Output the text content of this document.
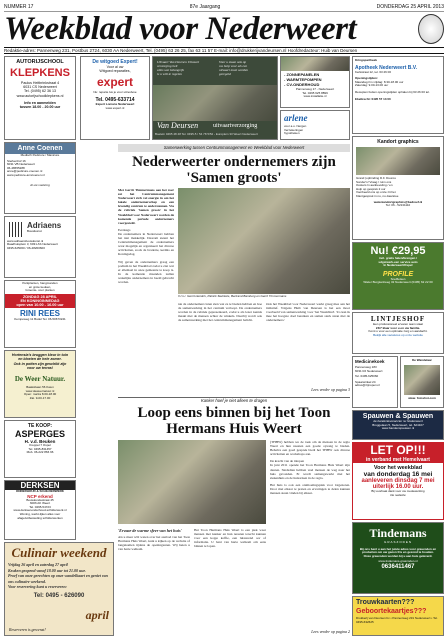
NUMMER 17	87e Jaargang	DONDERDAG 25 APRIL 2013
Weekblad voor Nederweert
Redaktie-adres: Pannenweg 231, Postbus 2724, 6030 AA Nederweert, Tel. (0495) 63 26 25, fax 63 11 57 E-mail: info@drukkerijvandeursen.nl Hoofdredacteur: Huib van Deursen
AUTORIJSCHOOL
KLEPKENS
Paulus Heitbrinkstraat 4
6031 CS Nederweert
Tel. (0495) 62 36 13
www.autorijschoolklepkens.nl
Info en aanmelden
tussen 18.00 - 20.00 uur
Anne Coenen
Medisch Pedicure / Manicure
Sterkenhof 16
6031 VB Nederweert
06-48655288
anne@pedicure-coenen.nl
www.pedicure-anncoenen.nl
Al uw voetzorg
Adriaens
Bouwkunst
www.adriaensbouwkunst.nl
Raadhuisplein 3, 6031 AS Nederweert
0495-625060 / 06-48200600
Perkplanten, hangmanden
en grote keuken,
Groente- voor planten
ZONDAG 28 APRIL
EN KONINGINNEDAG
open van 10.00 - 16.00 uur
RINI REES
Kempeweg 11 Budel Tel. 06-50673241
Hortensia's bruggen kleur in tuin
en bloeien de hele zomer.
Ook in potten zijn geschikt zijn
voor uw terras!
De Weer Natuur.
Baaksbaan 56 Kwen
www.deweernatuur.nl
Open: ma/za 8.00-18.00
Zat. 9-00-17.00
TE KOOP:
ASPERGES
H. v.d. Beuken
Kreppel 7 Ospel
Tel. 0495-831457
Mob. 06-222 866 96
DERKSEN
ONDERHOUD & SCHILDERWERK
NCP erkend
Bouwkundestraat 45
6006 AK Weert
Tel. 0495-54723
www.derksenonderhoud-schilderwerk.nl
Woning, werkt-lijken alles voor
afage/uitbesteding schilderwerken
Culinair weekend
Vrijdag 26 april en zaterdag 27 april
Keuken geopend vanaf 18.00 uur tot 21.00 uur.
Proef van onze gerechten op onze wandelkaart en geniet van ons culinaire weekend.
Voor reservering kunt u reserveren:
Tel: 0495 - 626090
april
Reserveren is gewenst!
De witgoed Expert!
Voor al uw
Witgoed reparaties,
expert
Nu: reparie lus je voor uitnodvoe
Tel. 0495-633714
Expert Lomans Nederweert
www.expert.nl
Uitvaart Van Deursen Uitvaart
verzorging helt
alles wat belangrijk
is u wilt te regelen
Voor u staan ook op
uw hulp voor als een
uitvaart moet worden
geregeld
Van Deursen uitvaartverzorging
Boeleln 0495 48 48 Tel. 0495-5 / 54 78 5/52 - Europlein 33 Weert Nederweert
- ZONNEPANELEN
- WARMTEPOMPEN
- CV-ONDERHOUD
Pannenweg 17 - Nederweert
Tel. 0495 625 8899
www.installatie.nl
arlene
voor a.u. Nergen
Verzekeringen
hypotheken
Kringspartheek
Apotheek Nederweert B.V.
Kerkstraat 12, tel. 63 26 00
Openingstijden:
Maandag t/m vrijdag: 8.30-18.00 uur
Zaterdag: 9.00-13.00 uur
Recepten buiten openingstijden ophalen bij 63 26 00 tel.
Ebeltrecht: 0495 57 13 00
Kandort graphics
Grand (opbinding D.F. Duuros
Sonder's! Vraag / ruim ons
Oosters ln aanbeveling / en
Hulp op gesprek 2 uur
Voorbeeld ons op onze zit het
Klantgesprek in nu, nu daarstoe
www.kandortgraphics@bedreef.nl
Tel: 06 - 52131110
Samenwerking tussen Centrummanagement en Weekblad voor Nederweert
Nederweerter ondernemers zijn 'Samen groots'
Met Gerrit Timmermans aan het roer zet het Centrummanagement Nederweert zich vol energie in om het lokale ondernemerschap en een levendig centrum te ondersteunen. Via de rubriek 'Samen groots' in het Weekblad voor Nederweert worden de komende periode ondernemers voorgesteld.
Eerdaags
De ondernemers in Nederweert hebben het niet makkelijk. Daarom steunt het Centrummanagement de ondernemers waar mogelijk en organiseert het diverse activiteiten, zoals de braderie, kermis en Koningsdag.
Wij geven de ondernemers graag een podium in het Weekblad zodat u ziet wat er allemaal in onze gemeente te koop is. In de komende maanden zullen wekelijks ondernemers in beeld gebracht worden.
V.l.n.r. Gerrit Hendrix, Patrick Swinkels, Bertrand Bamberg en Gerrit Timmermans
nie de ondernemers laten zien wat ze te bieden hebben en hoe de samenwerking in het centrum verloopt. De ondernemers worden in de rubriek gepresenteerd, zodat u als lezer kennis maakt met de mensen achter de winkels. Daarbij wordt ook de samenwerking met het centrummanagement belicht.
Ook het Weekblad voor Nederweert werkt graag mee aan het initiatief. Volgens Huib van Deursen is het een mooi voorbeeld van samenwerking voor 'het Weekblad'. 'Zo kan ik mee het hoogste doel bereiken en samen sterk staan met de ondernemers.'
Lees verder op pagina 3
Kanker hoef je niet alleen te dragen
Loop eens binnen bij het Toon Hermans Huis Weert
'Ervaar de warme sfeer van het huis'
Als u meer wilt weten over het aanbod van het Toon Hermans Huis Weert, kunt u kijken op de website of langskomen tijdens de openingsuren. Wij heten u van harte welkom.
Het Toon Hermans Huis Weert is een plek waar mensen met kanker en hun naasten terecht kunnen voor een kopje koffie, een luisterend oor of informatie. U bent van harte welkom om eens binnen te lopen.
(THHW) hebben we de taak om de mensen in de regio Weert en hun naasten een goede opvang te bieden. Behalve een goed gesprek biedt het THHW ook diverse activiteiten en workshops aan.
De kracht van de inlopen
In juni 2011 opende het Toon Hermans Huis Weert zijn deuren. Sindsdien hebben veel mensen de weg naar het huis gevonden. Er wordt samengewerkt met het ziekenhuis en de huisartsen in de regio.
Het huis is ook een ontmoetingsplek voor lotgenoten. Door met elkaar te praten en ervaringen te delen kunnen mensen steun vinden bij elkaar.
Lees verder op pagina 2
Nu! €29,95
incl. gratis halen/brengen /
sdgs/werk-een service auto
In Nederweert/Ospel
PROFILE
Snelfietsen
Wieler Burgkerkweg 32 Nederweert (0495) 62 22 00
LINTJESHOF
Een professioneel ervaren team staat
24/7 klaar voor u en uw familie.
Komt u voor een optimale zorg en aandacht.
Bekijk alle vacatures op onze website
Medicinekoek
Pannenweg 183
6031 RJ Nederweert
Tel. 0495-625060
Spaarwinkel 24
adres@zijnopen.nl
De Wandelaar
www. fotoshot.com
Spauwen & Spauwen
de bandenleverancier nu Nederweert
Bruggelaan 5, Nederweert, tel. 624107
www.bandenspauwen.nl
LET OP!!!
in verband met Hemelvaart
Voor het weekblad
van donderdag 16 mei
aanleveren dinsdag 7 mei
uiterlijk 16.00 uur.
Bij voorbaat dank voor uw medewerking
De redactie
Tindemans
GRASZODEN
Bij ons bent u aan het juiste adres voor graszoden en
producten om uw gazon fris en gezond te houden.
Onze graszoden worden bij u aan huis geleverd.
www.tindemans-graszoden.nl
0636411467
Trouwkaarten???
Geboortekaartjes???
Drukkerij van Deursen bv • Pannenweg 231 Nederweert • Tel. 0495-632625
